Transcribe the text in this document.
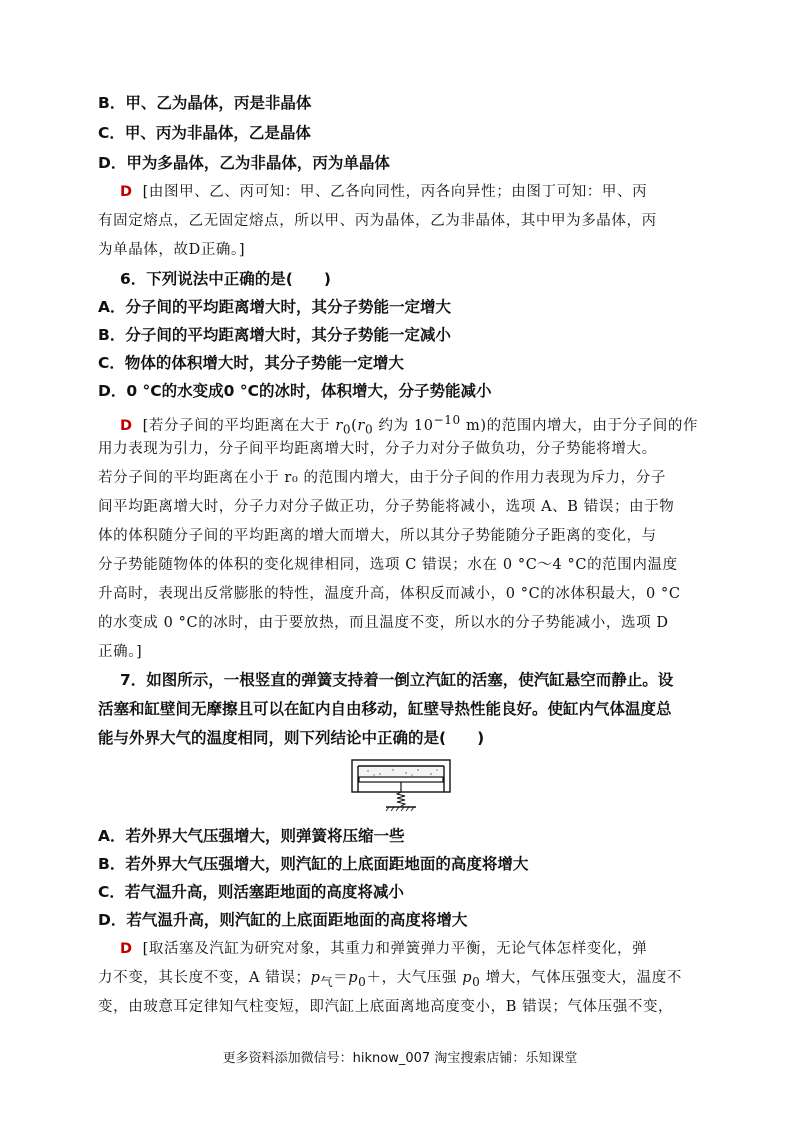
B．甲、乙为晶体，丙是非晶体
C．甲、丙为非晶体，乙是晶体
D．甲为多晶体，乙为非晶体，丙为单晶体
D [由图甲、乙、丙可知：甲、乙各向同性，丙各向异性；由图丁可知：甲、丙
有固定熔点，乙无固定熔点，所以甲、丙为晶体，乙为非晶体，其中甲为多晶体，丙
为单晶体，故D正确。]
6．下列说法中正确的是(　　)
A．分子间的平均距离增大时，其分子势能一定增大
B．分子间的平均距离增大时，其分子势能一定减小
C．物体的体积增大时，其分子势能一定增大
D．0 °C的水变成0 °C的冰时，体积增大，分子势能减小
D [若分子间的平均距离在大于 $r_0(r_0$ 约为 $10^{-10}$ m)的范围内增大，由于分子间的作
用力表现为引力，分子间平均距离增大时，分子力对分子做负功，分子势能将增大。
若分子间的平均距离在小于 r₀ 的范围内增大，由于分子间的作用力表现为斥力，分子
间平均距离增大时，分子力对分子做正功，分子势能将减小，选项 A、B 错误；由于物
体的体积随分子间的平均距离的增大而增大，所以其分子势能随分子距离的变化，与
分子势能随物体的体积的变化规律相同，选项 C 错误；水在 0 °C～4 °C的范围内温度
升高时，表现出反常膨胀的特性，温度升高，体积反而减小，0 °C的冰体积最大，0 °C
的水变成 0 °C的冰时，由于要放热，而且温度不变，所以水的分子势能减小，选项 D
正确。]
7．如图所示，一根竖直的弹簧支持着一倒立汽缸的活塞，使汽缸悬空而静止。设
活塞和缸壁间无摩擦且可以在缸内自由移动，缸壁导热性能良好。使缸内气体温度总
能与外界大气的温度相同，则下列结论中正确的是(　　)
A．若外界大气压强增大，则弹簧将压缩一些
B．若外界大气压强增大，则汽缸的上底面距地面的高度将增大
C．若气温升高，则活塞距地面的高度将减小
D．若气温升高，则汽缸的上底面距地面的高度将增大
D [取活塞及汽缸为研究对象，其重力和弹簧弹力平衡，无论气体怎样变化，弹
力不变，其长度不变，A 错误；$p_气=p_0+$，大气压强 $p_0$ 增大，气体压强变大，温度不
变，由玻意耳定律知气柱变短，即汽缸上底面离地高度变小，B 错误；气体压强不变，
更多资料添加微信号：hiknow_007 淘宝搜索店铺：乐知课堂
